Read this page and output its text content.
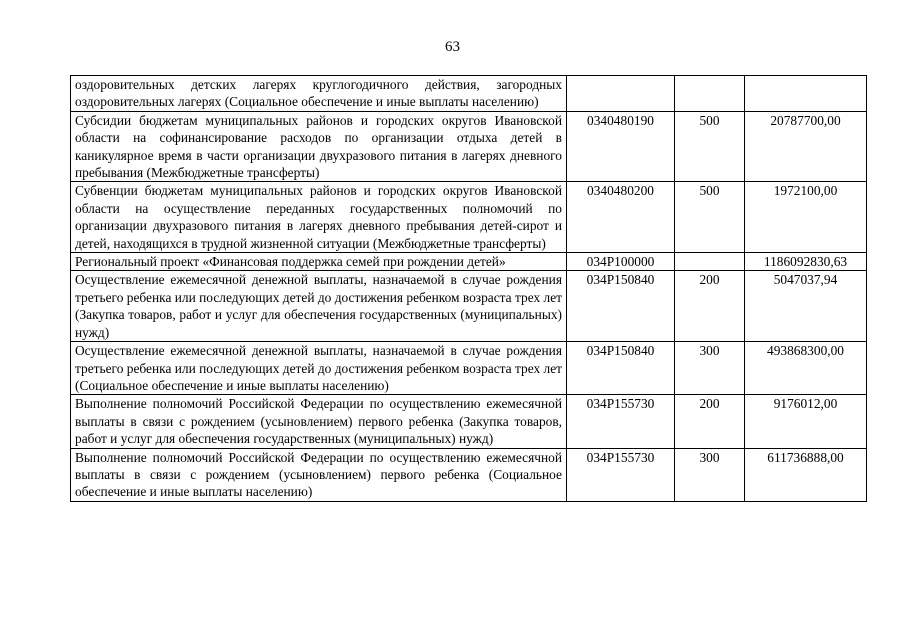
63
оздоровительных детских лагерях круглогодичного действия, загородных оздоровительных лагерях (Социальное обеспечение и иные выплаты населению)			
Субсидии бюджетам муниципальных районов и городских округов Ивановской области на софинансирование расходов по организации отдыха детей в каникулярное время в части организации двухразового питания в лагерях дневного пребывания (Межбюджетные трансферты)	0340480190	500	20787700,00
Субвенции бюджетам муниципальных районов и городских округов Ивановской области на осуществление переданных государственных полномочий по организации двухразового питания в лагерях дневного пребывания детей-сирот и детей, находящихся в трудной жизненной ситуации (Межбюджетные трансферты)	0340480200	500	1972100,00
Региональный проект «Финансовая поддержка семей при рождении детей»	034P100000		1186092830,63
Осуществление ежемесячной денежной выплаты, назначаемой в случае рождения третьего ребенка или последующих детей до достижения ребенком возраста трех лет (Закупка товаров, работ и услуг для обеспечения государственных (муниципальных) нужд)	034P150840	200	5047037,94
Осуществление ежемесячной денежной выплаты, назначаемой в случае рождения третьего ребенка или последующих детей до достижения ребенком возраста трех лет (Социальное обеспечение и иные выплаты населению)	034P150840	300	493868300,00
Выполнение полномочий Российской Федерации по осуществлению ежемесячной выплаты в связи с рождением (усыновлением) первого ребенка (Закупка товаров, работ и услуг для обеспечения государственных (муниципальных) нужд)	034P155730	200	9176012,00
Выполнение полномочий Российской Федерации по осуществлению ежемесячной выплаты в связи с рождением (усыновлением) первого ребенка (Социальное обеспечение и иные выплаты населению)	034P155730	300	611736888,00
